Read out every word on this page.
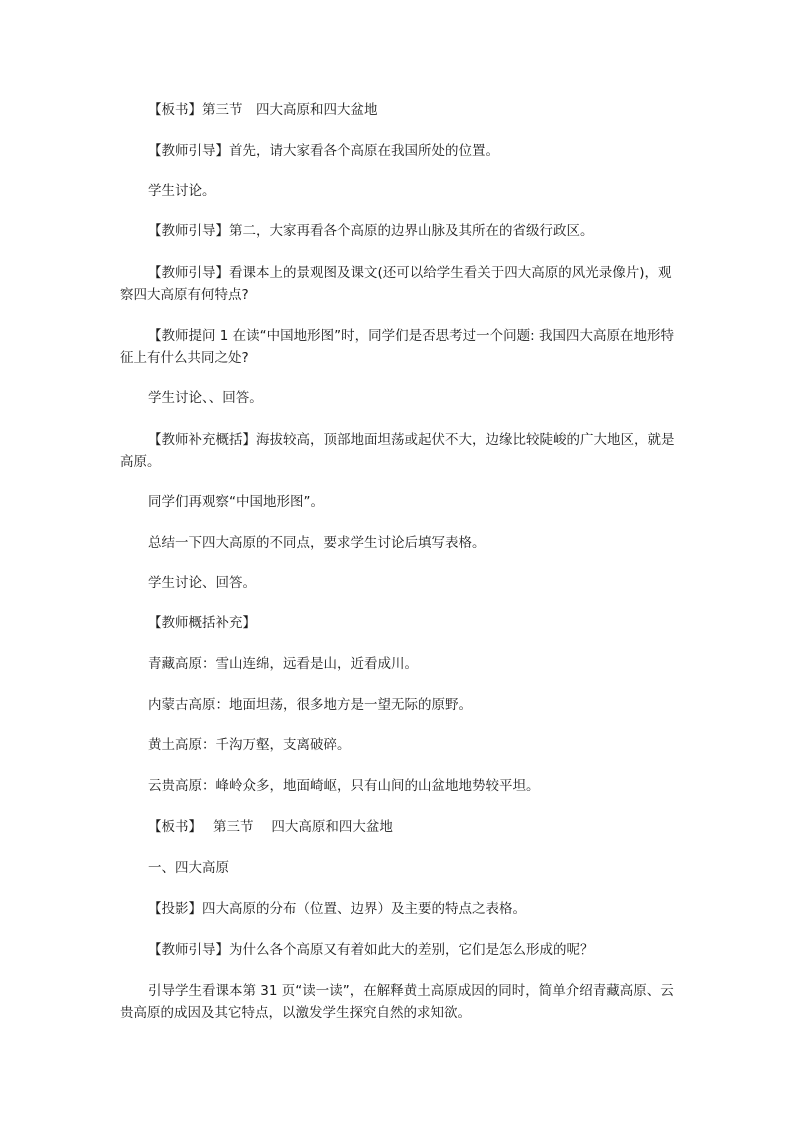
【板书】第三节　四大高原和四大盆地

【教师引导】首先，请大家看各个高原在我国所处的位置。

学生讨论。

【教师引导】第二，大家再看各个高原的边界山脉及其所在的省级行政区。

【教师引导】看课本上的景观图及课文(还可以给学生看关于四大高原的风光录像片)，观察四大高原有何特点?

【教师提问 1 在读“中国地形图”时，同学们是否思考过一个问题: 我国四大高原在地形特征上有什么共同之处?

学生讨论、、回答。

【教师补充概括】海拔较高，顶部地面坦荡或起伏不大，边缘比较陡峻的广大地区，就是高原。

同学们再观察“中国地形图”。

总结一下四大高原的不同点，要求学生讨论后填写表格。

学生讨论、回答。

【教师概括补充】

青藏高原：雪山连绵，远看是山，近看成川。

内蒙古高原：地面坦荡，很多地方是一望无际的原野。

黄土高原：千沟万壑，支离破碎。

云贵高原：峰岭众多，地面崎岖，只有山间的山盆地地势较平坦。

【板书】　 第三节　 四大高原和四大盆地

一、四大高原

【投影】四大高原的分布（位置、边界）及主要的特点之表格。

【教师引导】为什么各个高原又有着如此大的差别，它们是怎么形成的呢？

引导学生看课本第 31 页“读一读”，在解释黄土高原成因的同时，简单介绍青藏高原、云贵高原的成因及其它特点，以激发学生探究自然的求知欲。
